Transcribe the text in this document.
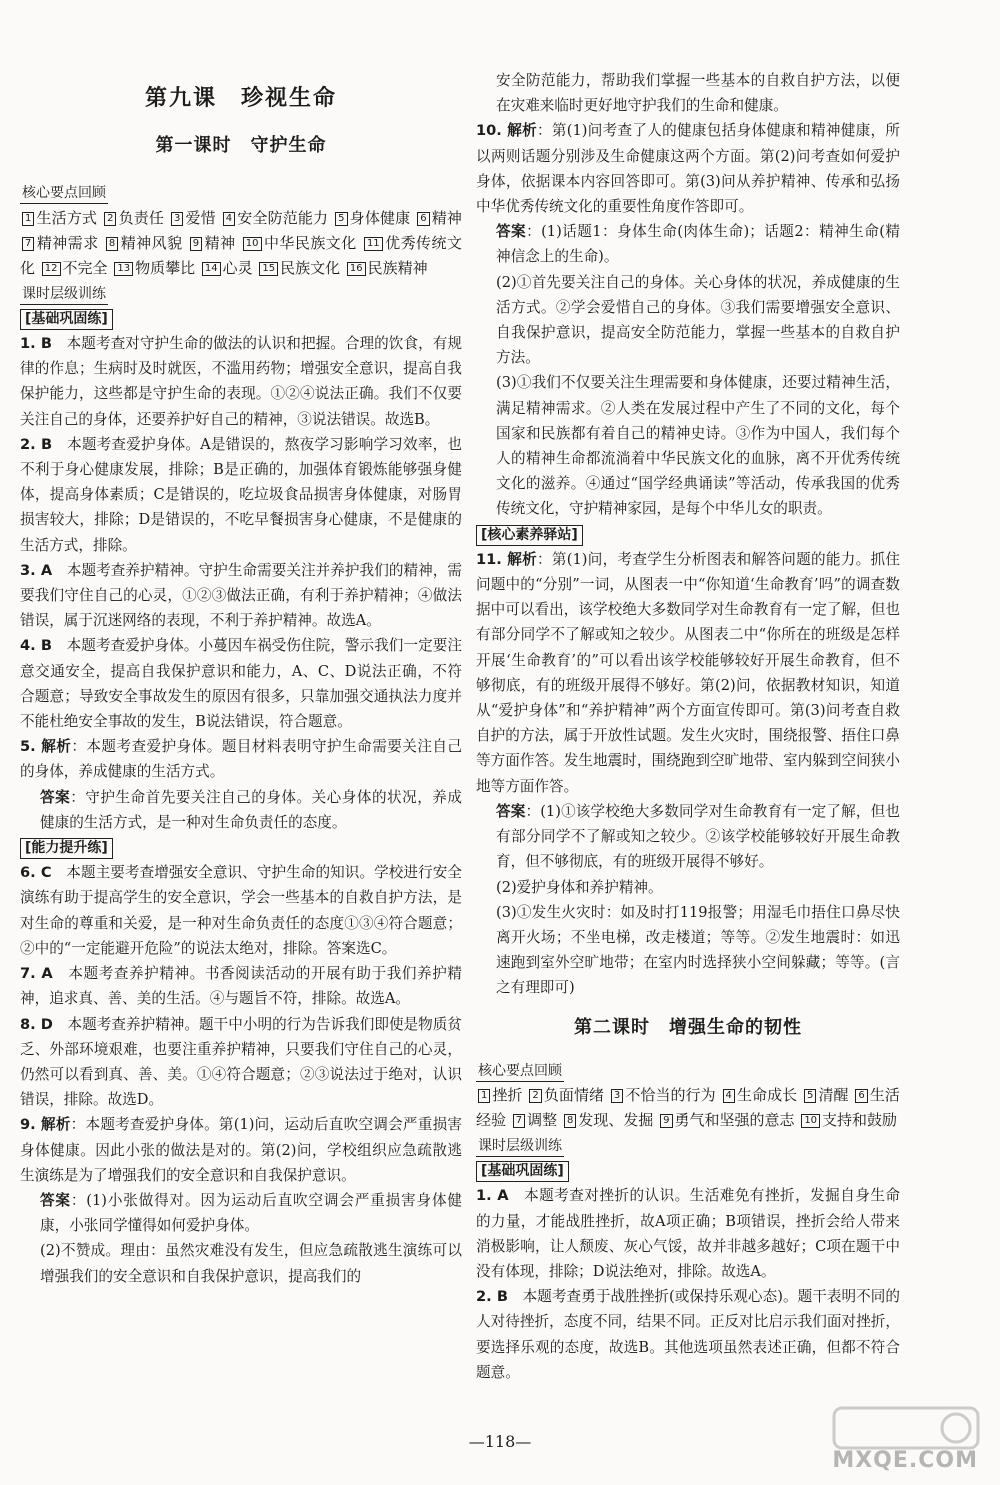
第九课　珍视生命
第一课时　守护生命
核心要点回顾
1 生活方式 2 负责任 3 爱惜 4 安全防范能力 5 身体健康 6 精神 7 精神需求 8 精神风貌 9 精神 10 中华民族文化 11 优秀传统文化 12 不完全 13 物质攀比 14 心灵 15 民族文化 16 民族精神
课时层级训练
[基础巩固练]
1. B　 本题考查对守护生命的做法的认识和把握。合理的饮食，有规律的作息；生病时及时就医，不滥用药物；增强安全意识，提高自我保护能力，这些都是守护生命的表现。①②④说法正确。我们不仅要关注自己的身体，还要养护好自己的精神，③说法错误。故选B。
2. B　 本题考查爱护身体。A是错误的，熬夜学习影响学习效率，也不利于身心健康发展，排除；B是正确的，加强体育锻炼能够强身健体，提高身体素质；C是错误的，吃垃圾食品损害身体健康，对肠胃损害较大，排除；D是错误的，不吃早餐损害身心健康，不是健康的生活方式，排除。
3. A　 本题考查养护精神。守护生命需要关注并养护我们的精神，需要我们守住自己的心灵，①②③做法正确，有利于养护精神；④做法错误，属于沉迷网络的表现，不利于养护精神。故选A。
4. B　 本题考查爱护身体。小蔓因车祸受伤住院，警示我们一定要注意交通安全，提高自我保护意识和能力，A、C、D说法正确，不符合题意；导致安全事故发生的原因有很多，只靠加强交通执法力度并不能杜绝安全事故的发生，B说法错误，符合题意。
5. 解析：本题考查爱护身体。题目材料表明守护生命需要关注自己的身体，养成健康的生活方式。
答案：守护生命首先要关注自己的身体。关心身体的状况，养成健康的生活方式，是一种对生命负责任的态度。
[能力提升练]
6. C　 本题主要考查增强安全意识、守护生命的知识。学校进行安全演练有助于提高学生的安全意识，学会一些基本的自救自护方法，是对生命的尊重和关爱，是一种对生命负责任的态度①③④符合题意；②中的“一定能避开危险”的说法太绝对，排除。答案选C。
7. A　 本题考查养护精神。书香阅读活动的开展有助于我们养护精神，追求真、善、美的生活。④与题旨不符，排除。故选A。
8. D　 本题考查养护精神。题干中小明的行为告诉我们即使是物质贫乏、外部环境艰难，也要注重养护精神，只要我们守住自己的心灵，仍然可以看到真、善、美。①④符合题意；②③说法过于绝对，认识错误，排除。故选D。
9. 解析：本题考查爱护身体。第(1)问，运动后直吹空调会严重损害身体健康。因此小张的做法是对的。第(2)问，学校组织应急疏散逃生演练是为了增强我们的安全意识和自我保护意识。
答案：(1)小张做得对。因为运动后直吹空调会严重损害身体健康，小张同学懂得如何爱护身体。
(2)不赞成。理由：虽然灾难没有发生，但应急疏散逃生演练可以增强我们的安全意识和自我保护意识，提高我们的
安全防范能力，帮助我们掌握一些基本的自救自护方法，以便在灾难来临时更好地守护我们的生命和健康。
10. 解析：第(1)问考查了人的健康包括身体健康和精神健康，所以两则话题分别涉及生命健康这两个方面。第(2)问考查如何爱护身体，依据课本内容回答即可。第(3)问从养护精神、传承和弘扬中华优秀传统文化的重要性角度作答即可。
答案：(1)话题1：身体生命(肉体生命)；话题2：精神生命(精神信念上的生命)。
(2)①首先要关注自己的身体。关心身体的状况，养成健康的生活方式。②学会爱惜自己的身体。③我们需要增强安全意识、自我保护意识，提高安全防范能力，掌握一些基本的自救自护方法。
(3)①我们不仅要关注生理需要和身体健康，还要过精神生活，满足精神需求。②人类在发展过程中产生了不同的文化，每个国家和民族都有着自己的精神史诗。③作为中国人，我们每个人的精神生命都流淌着中华民族文化的血脉，离不开优秀传统文化的滋养。④通过“国学经典诵读”等活动，传承我国的优秀传统文化，守护精神家园，是每个中华儿女的职责。
[核心素养驿站]
11. 解析：第(1)问，考查学生分析图表和解答问题的能力。抓住问题中的“分别”一词，从图表一中“你知道‘生命教育’吗”的调查数据中可以看出，该学校绝大多数同学对生命教育有一定了解，但也有部分同学不了解或知之较少。从图表二中“你所在的班级是怎样开展‘生命教育’的”可以看出该学校能够较好开展生命教育，但不够彻底，有的班级开展得不够好。第(2)问，依据教材知识，知道从“爱护身体”和“养护精神”两个方面宣传即可。第(3)问考查自救自护的方法，属于开放性试题。发生火灾时，围绕报警、捂住口鼻等方面作答。发生地震时，围绕跑到空旷地带、室内躲到空间狭小地等方面作答。
答案：(1)①该学校绝大多数同学对生命教育有一定了解，但也有部分同学不了解或知之较少。②该学校能够较好开展生命教育，但不够彻底，有的班级开展得不够好。
(2)爱护身体和养护精神。
(3)①发生火灾时：如及时打119报警；用湿毛巾捂住口鼻尽快离开火场；不坐电梯，改走楼道；等等。②发生地震时：如迅速跑到室外空旷地带；在室内时选择狭小空间躲藏；等等。(言之有理即可)
第二课时　增强生命的韧性
核心要点回顾
1 挫折 2 负面情绪 3 不恰当的行为 4 生命成长 5 清醒 6 生活经验 7 调整 8 发现、发掘 9 勇气和坚强的意志 10 支持和鼓励
课时层级训练
[基础巩固练]
1. A　 本题考查对挫折的认识。生活难免有挫折，发掘自身生命的力量，才能战胜挫折，故A项正确；B项错误，挫折会给人带来消极影响，让人颓废、灰心气馁，故并非越多越好；C项在题干中没有体现，排除；D说法绝对，排除。故选A。
2. B　 本题考查勇于战胜挫折(或保持乐观心态)。题干表明不同的人对待挫折，态度不同，结果不同。正反对比启示我们面对挫折，要选择乐观的态度，故选B。其他选项虽然表述正确，但都不符合题意。
—118—
MXQE.COM
